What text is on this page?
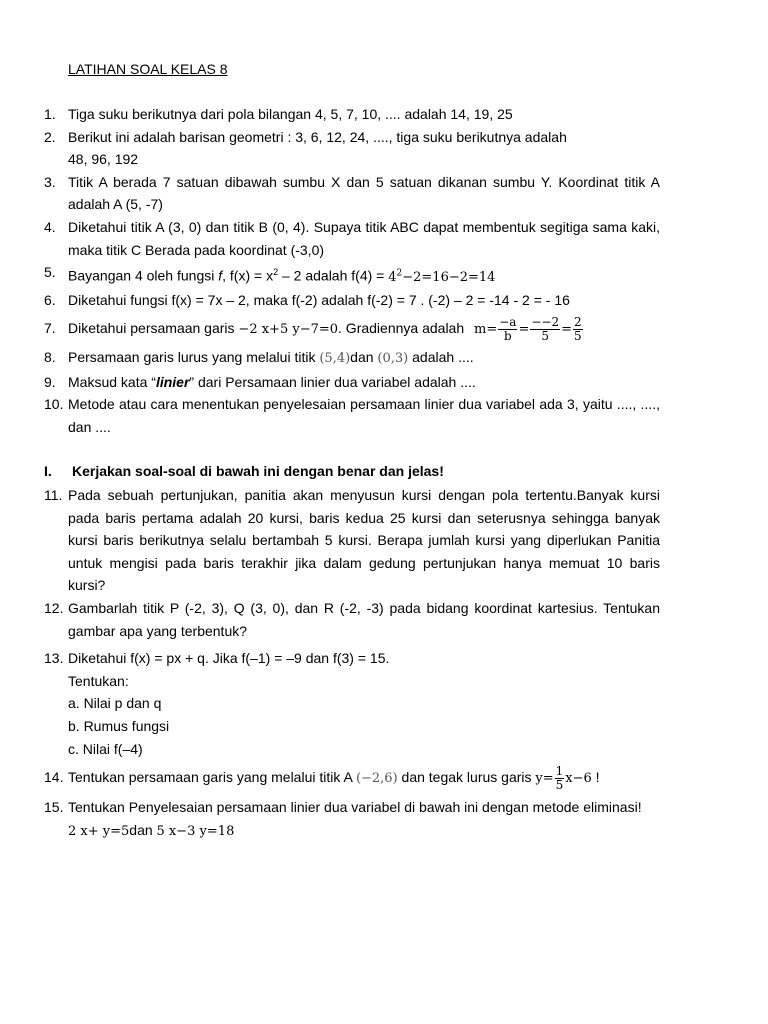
LATIHAN SOAL KELAS 8
1. Tiga suku berikutnya dari pola bilangan 4, 5, 7, 10, .... adalah 14, 19, 25
2. Berikut ini adalah barisan geometri : 3, 6, 12, 24, ...., tiga suku berikutnya adalah
48, 96, 192
3. Titik A berada 7 satuan dibawah sumbu X dan 5 satuan dikanan sumbu Y. Koordinat titik A adalah A (5, -7)
4. Diketahui titik A (3, 0) dan titik B (0, 4). Supaya titik ABC dapat membentuk segitiga sama kaki, maka titik C Berada pada koordinat (-3,0)
5. Bayangan 4 oleh fungsi f, $f(x) = x^2 - 2$ adalah $f(4) = 4^2-2=16-2=14$
6. Diketahui fungsi f(x) = 7x – 2, maka f(-2) adalah f(-2) = 7 . (-2) – 2 = -14 - 2 = - 16
7. Diketahui persamaan garis −2 x+5 y−7=0. Gradiennya adalah $m= \frac{-a}{b} = \frac{--2}{5} = \frac{2}{5}$
8. Persamaan garis lurus yang melalui titik (5,4)dan (0,3) adalah ....
9. Maksud kata “linier” dari Persamaan linier dua variabel adalah ....
10. Metode atau cara menentukan penyelesaian persamaan linier dua variabel ada 3, yaitu ...., ...., dan ....
I.	Kerjakan soal-soal di bawah ini dengan benar dan jelas!
11. Pada sebuah pertunjukan, panitia akan menyusun kursi dengan pola tertentu.Banyak kursi pada baris pertama adalah 20 kursi, baris kedua 25 kursi dan seterusnya sehingga banyak kursi baris berikutnya selalu bertambah 5 kursi. Berapa jumlah kursi yang diperlukan Panitia untuk mengisi pada baris terakhir jika dalam gedung pertunjukan hanya memuat 10 baris kursi?
12. Gambarlah titik P (-2, 3), Q (3, 0), dan R (-2, -3) pada bidang koordinat kartesius. Tentukan gambar apa yang terbentuk?
13. Diketahui f(x) = px + q. Jika f(–1) = –9 dan f(3) = 15.
Tentukan:
a. Nilai p dan q
b. Rumus fungsi
c. Nilai f(–4)
14. Tentukan persamaan garis yang melalui titik A (−2,6) dan tegak lurus garis $y= \frac{1}{5} x-6$ !
15. Tentukan Penyelesaian persamaan linier dua variabel di bawah ini dengan metode eliminasi!
2 x+ y=5dan 5 x−3 y=18
